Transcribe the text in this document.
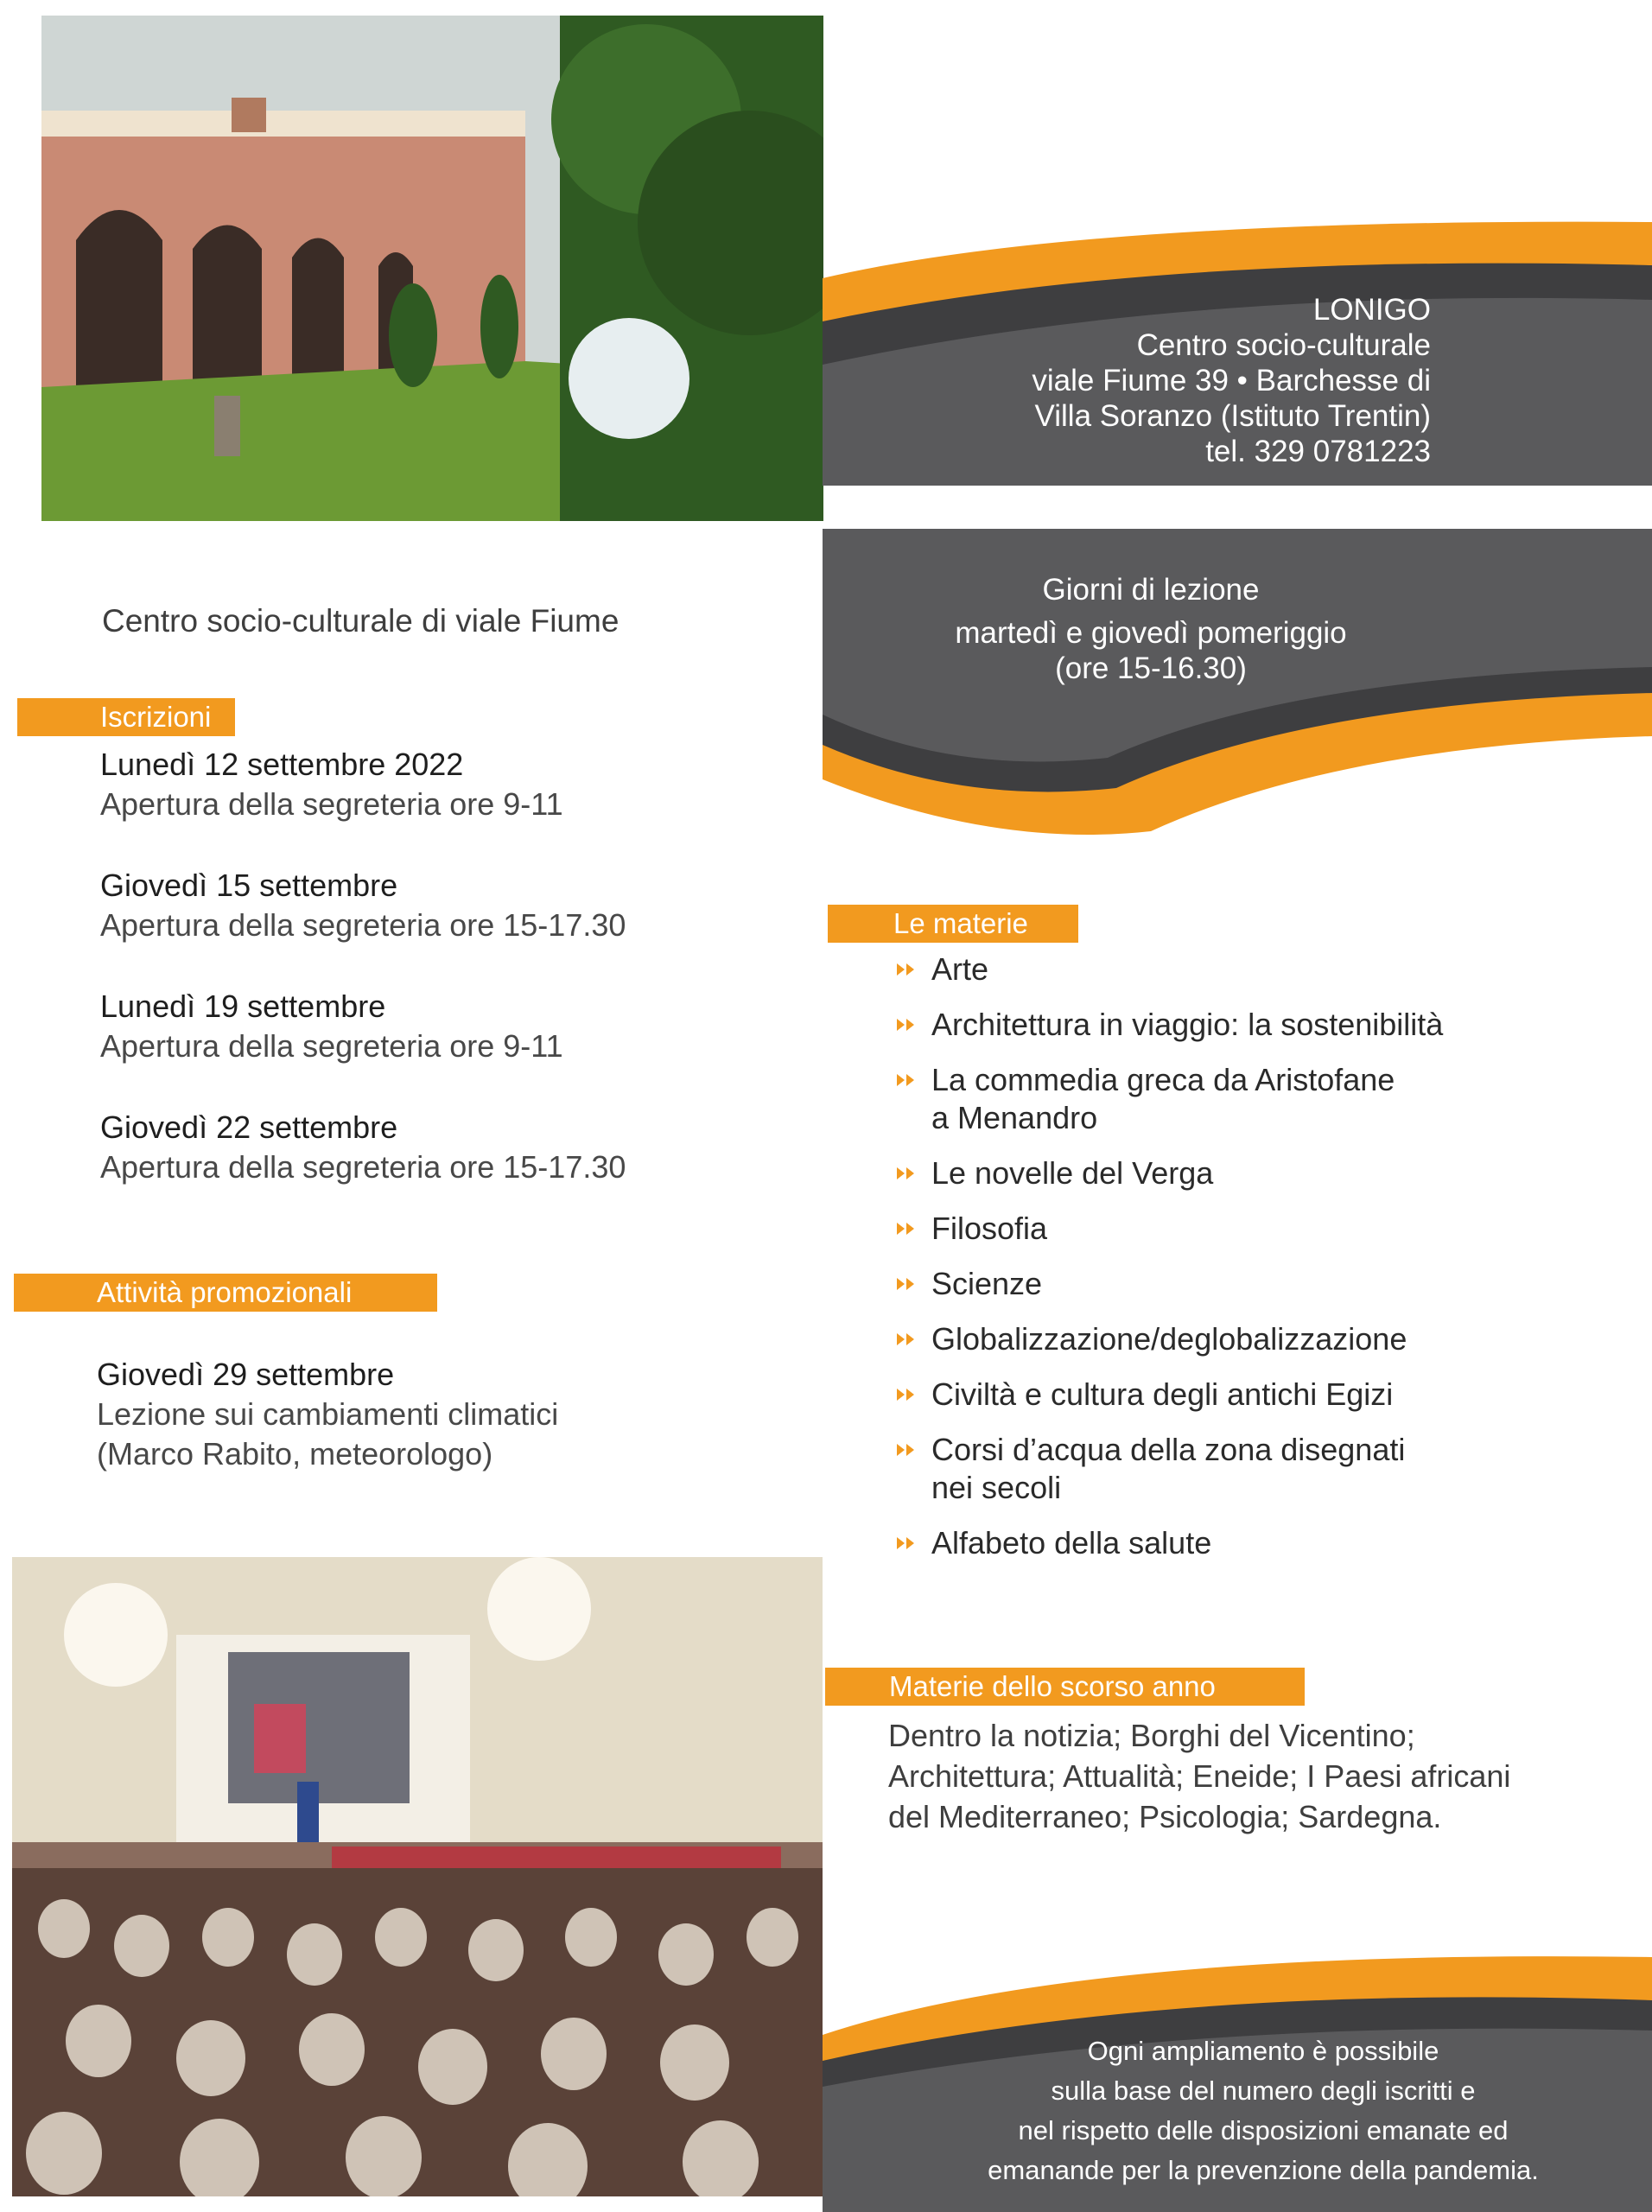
LONIGO
Centro socio-culturale
viale Fiume 39 • Barchesse di
Villa Soranzo (Istituto Trentin)
tel. 329 0781223
Giorni di lezione
martedì e giovedì pomeriggio
(ore 15-16.30)
Centro socio-culturale di viale Fiume
Iscrizioni
Lunedì 12 settembre 2022
Apertura della segreteria ore 9-11
Giovedì 15 settembre
Apertura della segreteria ore 15-17.30
Lunedì 19 settembre
Apertura della segreteria ore 9-11
Giovedì 22 settembre
Apertura della segreteria ore 15-17.30
Attività promozionali
Giovedì 29 settembre
Lezione sui cambiamenti climatici
(Marco Rabito, meteorologo)
Le materie
Arte
Architettura in viaggio: la sostenibilità
La commedia greca da Aristofane
a Menandro
Le novelle del Verga
Filosofia
Scienze
Globalizzazione/deglobalizzazione
Civiltà e cultura degli antichi Egizi
Corsi d’acqua della zona disegnati
nei secoli
Alfabeto della salute
Materie dello scorso anno
Dentro la notizia; Borghi del Vicentino;
Architettura; Attualità; Eneide; I Paesi africani
del Mediterraneo; Psicologia; Sardegna.
Ogni ampliamento è possibile
sulla base del numero degli iscritti e
nel rispetto delle disposizioni emanate ed
emanande per la prevenzione della pandemia.
